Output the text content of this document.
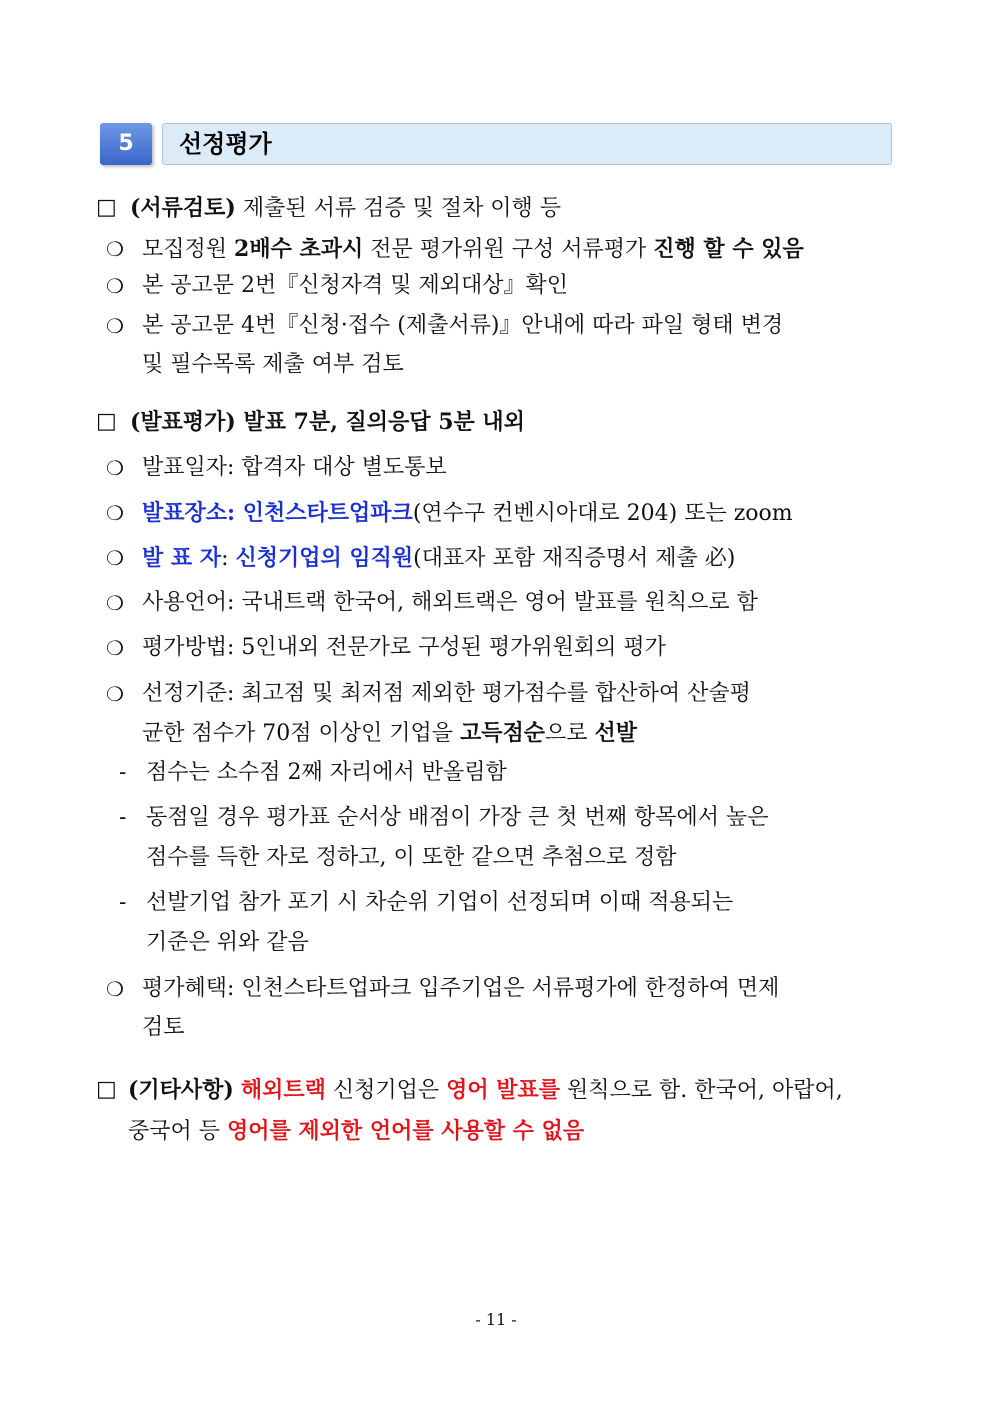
5	선정평가
□ (서류검토) 제출된 서류 검증 및 절차 이행 등
❍ 모집정원 2배수 초과시 전문 평가위원 구성 서류평가 진행 할 수 있음
❍ 본 공고문 2번『신청자격 및 제외대상』확인
❍ 본 공고문 4번『신청·접수 (제출서류)』안내에 따라 파일 형태 변경
및 필수목록 제출 여부 검토
□ (발표평가) 발표 7분, 질의응답 5분 내외
❍ 발표일자: 합격자 대상 별도통보
❍ 발표장소: 인천스타트업파크(연수구 컨벤시아대로 204) 또는 zoom
❍ 발 표 자: 신청기업의 임직원(대표자 포함 재직증명서 제출 必)
❍ 사용언어: 국내트랙 한국어, 해외트랙은 영어 발표를 원칙으로 함
❍ 평가방법: 5인내외 전문가로 구성된 평가위원회의 평가
❍ 선정기준: 최고점 및 최저점 제외한 평가점수를 합산하여 산술평
균한 점수가 70점 이상인 기업을 고득점순으로 선발
- 점수는 소수점 2째 자리에서 반올림함
- 동점일 경우 평가표 순서상 배점이 가장 큰 첫 번째 항목에서 높은
점수를 득한 자로 정하고, 이 또한 같으면 추첨으로 정함
- 선발기업 참가 포기 시 차순위 기업이 선정되며 이때 적용되는
기준은 위와 같음
❍ 평가혜택: 인천스타트업파크 입주기업은 서류평가에 한정하여 면제
검토
□ (기타사항) 해외트랙 신청기업은 영어 발표를 원칙으로 함. 한국어, 아랍어,
중국어 등 영어를 제외한 언어를 사용할 수 없음
- 11 -
